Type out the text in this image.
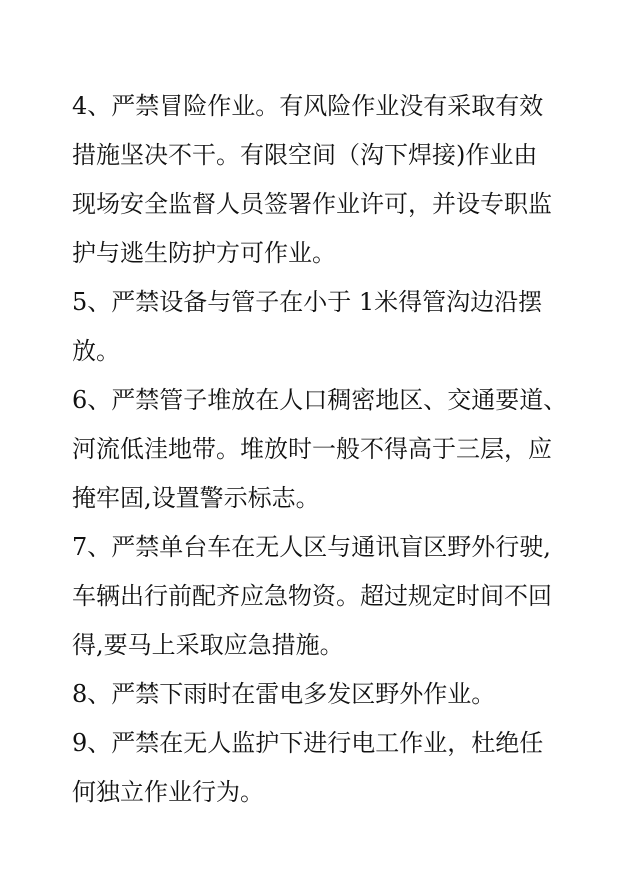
4、严禁冒险作业。有风险作业没有采取有效
措施坚决不干。有限空间（沟下焊接)作业由
现场安全监督人员签署作业许可，并设专职监
护与逃生防护方可作业。
5、严禁设备与管子在小于 1米得管沟边沿摆
放。
6、严禁管子堆放在人口稠密地区、交通要道、
河流低洼地带。堆放时一般不得高于三层，应
掩牢固,设置警示标志。
7、严禁单台车在无人区与通讯盲区野外行驶,
车辆出行前配齐应急物资。超过规定时间不回
得,要马上采取应急措施。
8、严禁下雨时在雷电多发区野外作业。
9、严禁在无人监护下进行电工作业，杜绝任
何独立作业行为。
